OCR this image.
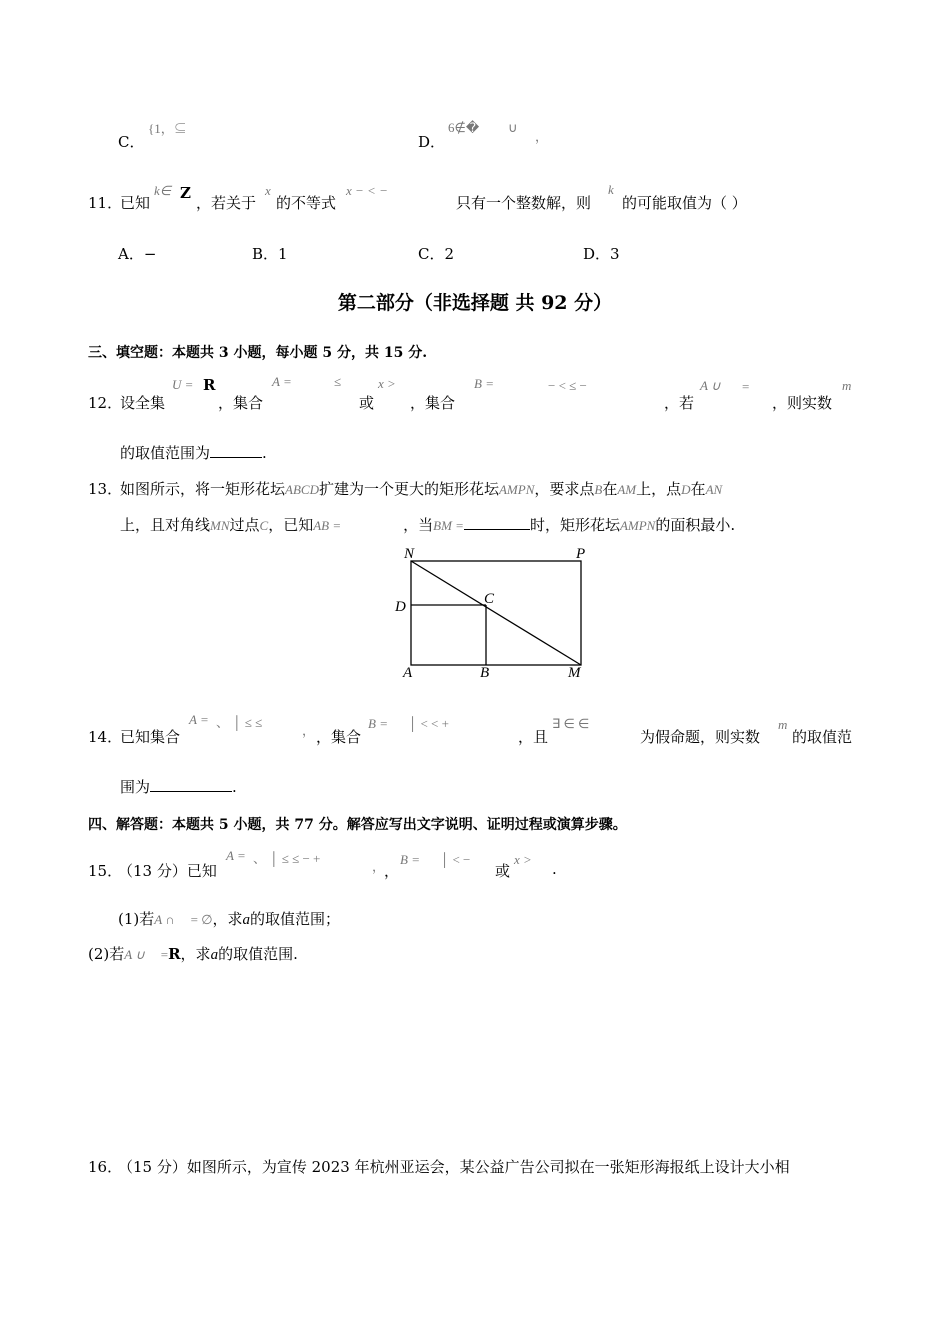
C．
{1，⊆
D．
6∉� ∪
，
11．
已知
k∈ Z
，若关于
x
的不等式
x − < −
只有一个整数解，则
k
的可能取值为（ ）
A．−	B．1	C．2	D．3
第二部分（非选择题 共 92 分）
三、填空题：本题共 3 小题，每小题 5 分，共 15 分.
12．
设全集
U = R
，集合
A =	≤	x >
或 ，集合
B =	− < ≤ −
，若
A ∪ =
，则实数
m
的取值范围为	.
13．
如图所示，将一矩形花坛ABCD扩建为一个更大的矩形花坛AMPN，要求点B在AM上，点D在AN
上，且对角线MN过点C，已知AB =	，当BM =	时，矩形花坛AMPN的面积最小.
N	P
D	C
A	B	M
14．
已知集合
A = 、 │ ≤ ≤
， ，集合
B = │ < < +
，且
∃ ∈ ∈
为假命题，则实数
m
的取值范
围为	.
四、解答题：本题共 5 小题，共 77 分。解答应写出文字说明、证明过程或演算步骤。
15．
（13 分）已知
A = 、 │ ≤ ≤ − +
，
，
B = │ < −
或
x >
.
(1)若A ∩ = ∅，求a的取值范围；
(2)若A ∪ =R，求a的取值范围.
16．
（15 分）如图所示，为宣传 2023 年杭州亚运会，某公益广告公司拟在一张矩形海报纸上设计大小相
